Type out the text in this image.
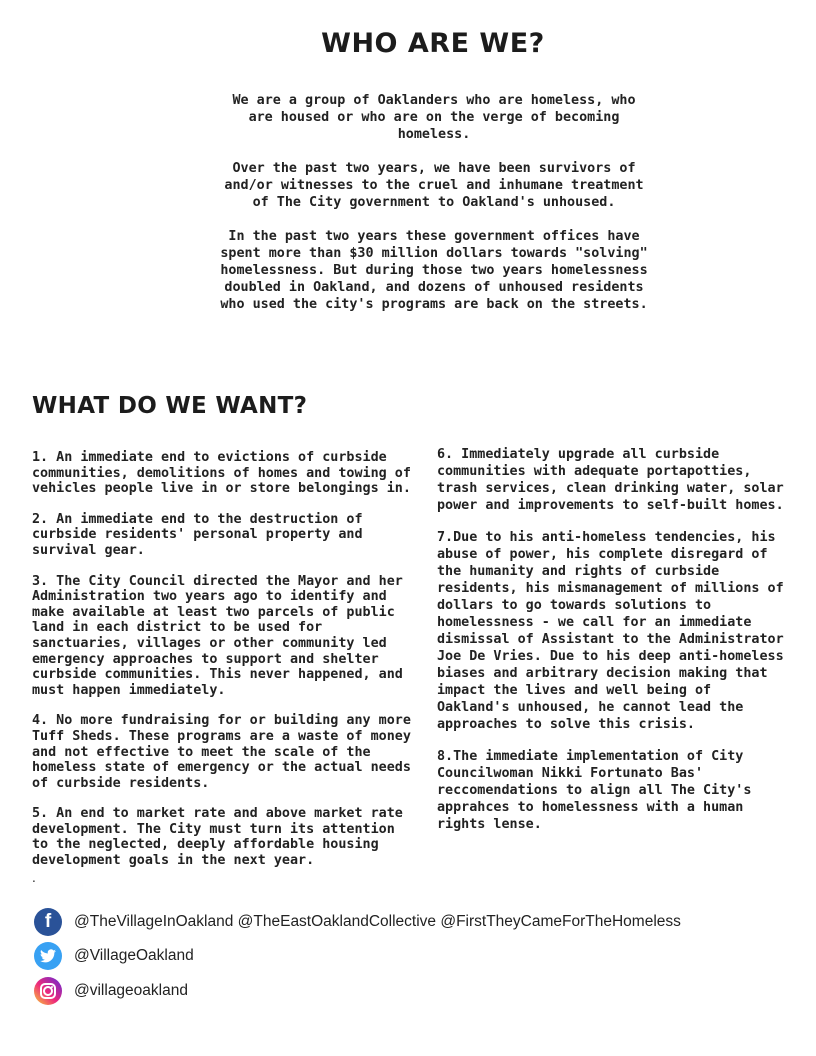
WHO ARE WE?

We are a group of Oaklanders who are homeless, who are housed or who are on the verge of becoming homeless.

Over the past two years, we have been survivors of and/or witnesses to the cruel and inhumane treatment of The City government to Oakland's unhoused.

In the past two years these government offices have spent more than $30 million dollars towards "solving" homelessness. But during those two years homelessness doubled in Oakland, and dozens of unhoused residents who used the city's programs are back on the streets.

WHAT DO WE WANT?

1. An immediate end to evictions of curbside communities, demolitions of homes and towing of vehicles people live in or store belongings in.

2. An immediate end to the destruction of curbside residents' personal property and survival gear.

3. The City Council directed the Mayor and her Administration two years ago to identify and make available at least two parcels of public land in each district to be used for sanctuaries, villages or other community led emergency approaches to support and shelter curbside communities. This never happened, and must happen immediately.

4. No more fundraising for or building any more Tuff Sheds. These programs are a waste of money and not effective to meet the scale of the homeless state of emergency or the actual needs of curbside residents.

5. An end to market rate and above market rate development. The City must turn its attention to the neglected, deeply affordable housing development goals in the next year.

6. Immediately upgrade all curbside communities with adequate portapotties, trash services, clean drinking water, solar power and improvements to self-built homes.

7.Due to his anti-homeless tendencies, his abuse of power, his complete disregard of the humanity and rights of curbside residents, his mismanagement of millions of dollars to go towards solutions to homelessness - we call for an immediate dismissal of Assistant to the Administrator Joe De Vries. Due to his deep anti-homeless biases and arbitrary decision making that impact the lives and well being of Oakland's unhoused, he cannot lead the approaches to solve this crisis.

8.The immediate implementation of City Councilwoman Nikki Fortunato Bas' reccomendations to align all The City's apprahces to homelessness with a human rights lense.

.
f	@TheVillageInOakland @TheEastOaklandCollective @FirstTheyCameForTheHomeless
@VillageOakland
@villageoakland
